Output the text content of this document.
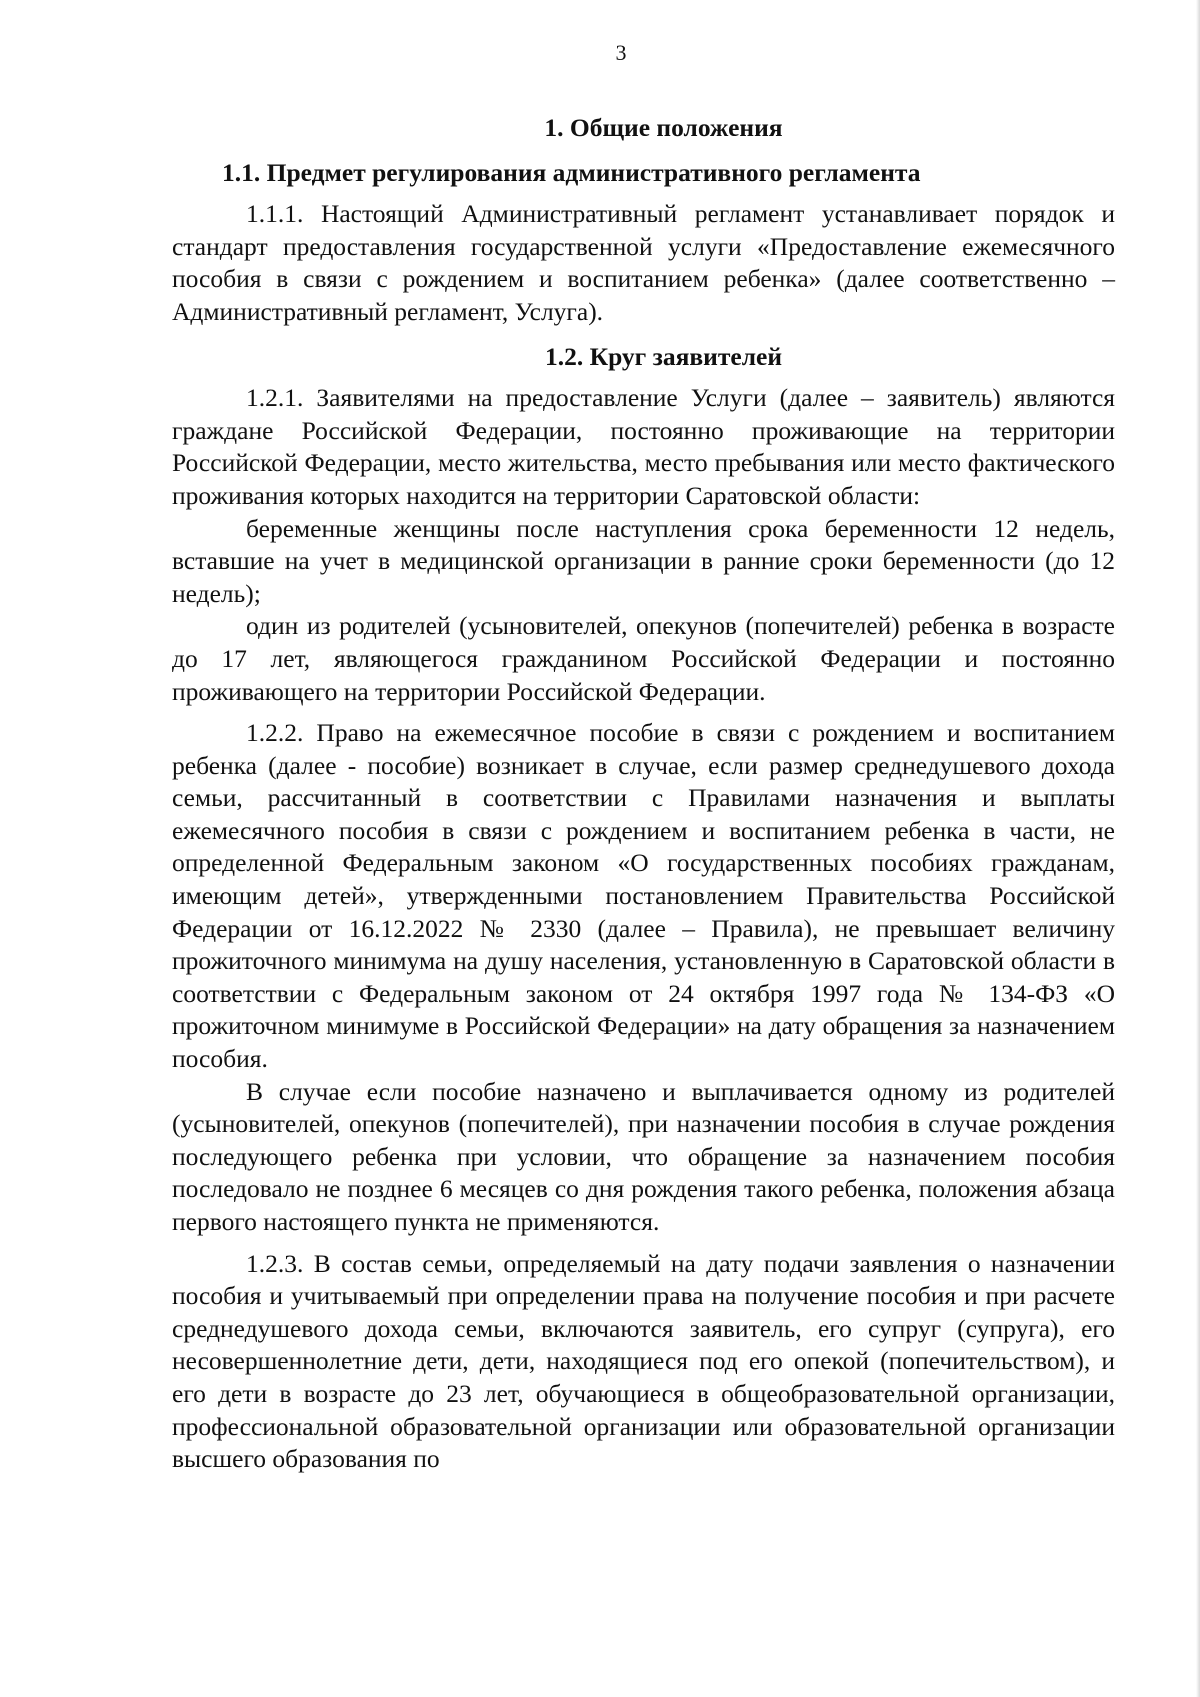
3
1. Общие положения
1.1. Предмет регулирования административного регламента

1.1.1. Настоящий Административный регламент устанавливает порядок и стандарт предоставления государственной услуги «Предоставление ежемесячного пособия в связи с рождением и воспитанием ребенка» (далее соответственно – Административный регламент, Услуга).

1.2. Круг заявителей

1.2.1. Заявителями на предоставление Услуги (далее – заявитель) являются граждане Российской Федерации, постоянно проживающие на территории Российской Федерации, место жительства, место пребывания или место фактического проживания которых находится на территории Саратовской области:

беременные женщины после наступления срока беременности 12 недель, вставшие на учет в медицинской организации в ранние сроки беременности (до 12 недель);

один из родителей (усыновителей, опекунов (попечителей) ребенка в возрасте до 17 лет, являющегося гражданином Российской Федерации и постоянно проживающего на территории Российской Федерации.

1.2.2. Право на ежемесячное пособие в связи с рождением и воспитанием ребенка (далее - пособие) возникает в случае, если размер среднедушевого дохода семьи, рассчитанный в соответствии с Правилами назначения и выплаты ежемесячного пособия в связи с рождением и воспитанием ребенка в части, не определенной Федеральным законом «О государственных пособиях гражданам, имеющим детей», утвержденными постановлением Правительства Российской Федерации от 16.12.2022 № 2330 (далее – Правила), не превышает величину прожиточного минимума на душу населения, установленную в Саратовской области в соответствии с Федеральным законом от 24 октября 1997 года № 134-ФЗ «О прожиточном минимуме в Российской Федерации» на дату обращения за назначением пособия.

В случае если пособие назначено и выплачивается одному из родителей (усыновителей, опекунов (попечителей), при назначении пособия в случае рождения последующего ребенка при условии, что обращение за назначением пособия последовало не позднее 6 месяцев со дня рождения такого ребенка, положения абзаца первого настоящего пункта не применяются.

1.2.3. В состав семьи, определяемый на дату подачи заявления о назначении пособия и учитываемый при определении права на получение пособия и при расчете среднедушевого дохода семьи, включаются заявитель, его супруг (супруга), его несовершеннолетние дети, дети, находящиеся под его опекой (попечительством), и его дети в возрасте до 23 лет, обучающиеся в общеобразовательной организации, профессиональной образовательной организации или образовательной организации высшего образования по
